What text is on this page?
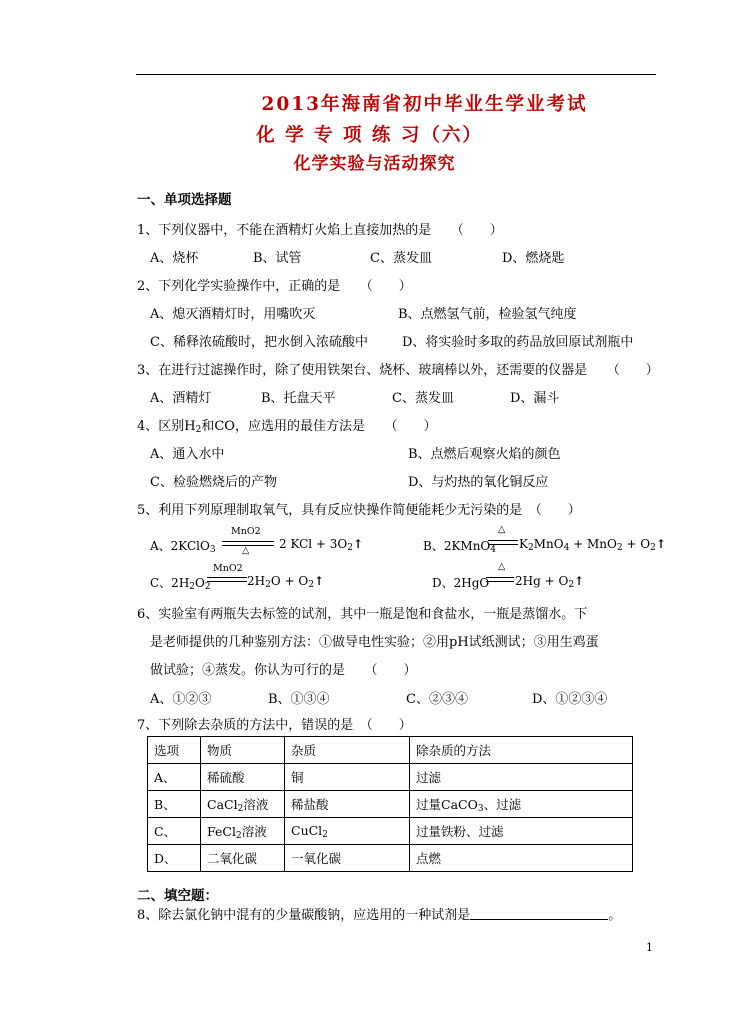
2013年海南省初中毕业生学业考试
化 学 专 项 练 习（六）
化学实验与活动探究
一、单项选择题
1、下列仪器中，不能在酒精灯火焰上直接加热的是　　（　　）
A、烧杯	B、试管	C、蒸发皿	D、燃烧匙
2、下列化学实验操作中，正确的是　　（　　）
A、熄灭酒精灯时，用嘴吹灭	B、点燃氢气前，检验氢气纯度
C、稀释浓硫酸时，把水倒入浓硫酸中	D、将实验时多取的药品放回原试剂瓶中
3、在进行过滤操作时，除了使用铁架台、烧杯、玻璃棒以外，还需要的仪器是　　（　　）
A、酒精灯	B、托盘天平	C、蒸发皿	D、漏斗
4、区别$H_2$和CO，应选用的最佳方法是　　（　　）
A、通入水中	B、点燃后观察火焰的颜色
C、检验燃烧后的产物	D、与灼热的氧化铜反应
5、利用下列原理制取氧气，具有反应快操作简便能耗少无污染的是　（　　）
A、2KClO$_3$
MnO2
△ 2 KCl + $3O_2↑$	B、2KMnO$_4$
△
$K_2MnO_4 + MnO_2$ + $O_2↑$
C、$2H_2O_2$
MnO2
$2H_2O$ + $O_2↑$	D、2HgO
△
$2Hg + O_2↑$
6、实验室有两瓶失去标签的试剂，其中一瓶是饱和食盐水，一瓶是蒸馏水。下
是老师提供的几种鉴别方法：①做导电性实验；②用pH试纸测试；③用生鸡蛋
做试验；④蒸发。你认为可行的是　　（　　）
A、①②③	B、①③④	C、②③④	D、①②③④
7、下列除去杂质的方法中，错误的是　（　　）
选项	物质	杂质	除杂质的方法
A、	稀硫酸	铜	过滤
B、	CaCl$_2$溶液	稀盐酸	过量CaCO$_3$、过滤
C、	FeCl$_2$溶液	CuCl$_2$	过量铁粉、过滤
D、	二氧化碳	一氧化碳	点燃
二、填空题：
8、除去氯化钠中混有的少量碳酸钠，应选用的一种试剂是	。
1
